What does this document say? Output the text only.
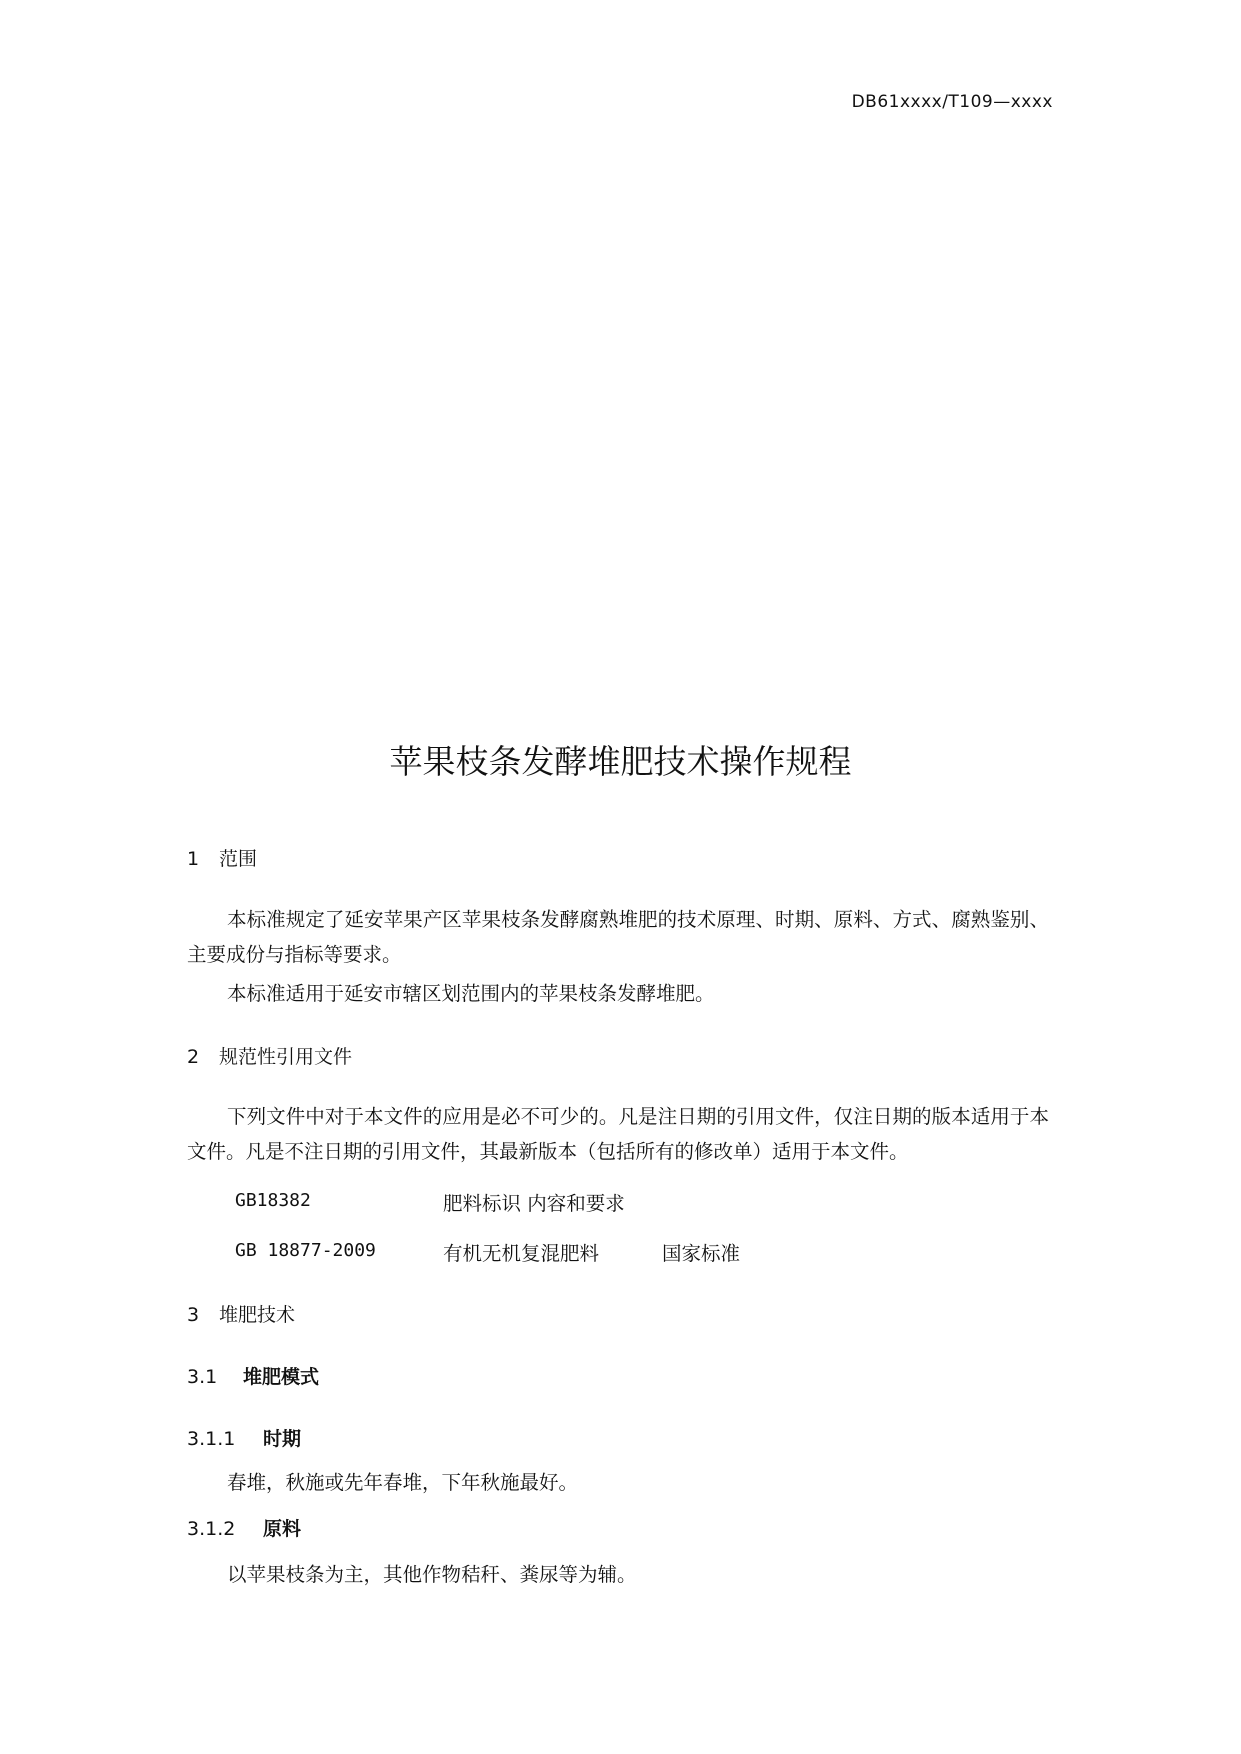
DB61xxxx/T109—xxxx
苹果枝条发酵堆肥技术操作规程
1 范围
本标准规定了延安苹果产区苹果枝条发酵腐熟堆肥的技术原理、时期、原料、方式、腐熟鉴别、主要成份与指标等要求。
本标准适用于延安市辖区划范围内的苹果枝条发酵堆肥。
2 规范性引用文件
下列文件中对于本文件的应用是必不可少的。凡是注日期的引用文件，仅注日期的版本适用于本文件。凡是不注日期的引用文件，其最新版本（包括所有的修改单）适用于本文件。
GB18382	肥料标识 内容和要求
GB 18877-2009	有机无机复混肥料	国家标准
3 堆肥技术
3.1 堆肥模式
3.1.1 时期
春堆，秋施或先年春堆，下年秋施最好。
3.1.2 原料
以苹果枝条为主，其他作物秸秆、粪尿等为辅。
